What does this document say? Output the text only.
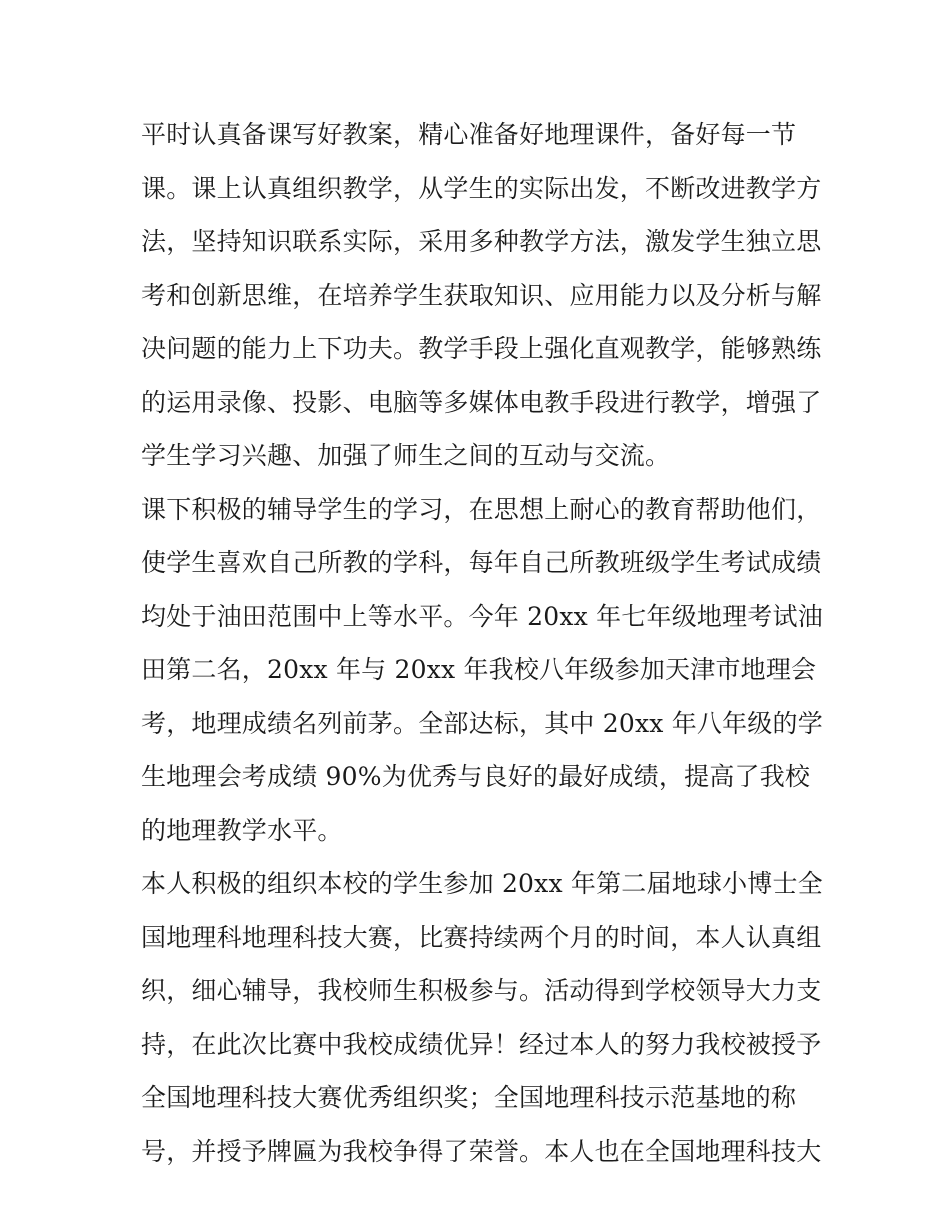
平时认真备课写好教案，精心准备好地理课件，备好每一节
课。课上认真组织教学，从学生的实际出发，不断改进教学方
法，坚持知识联系实际，采用多种教学方法，激发学生独立思
考和创新思维，在培养学生获取知识、应用能力以及分析与解
决问题的能力上下功夫。教学手段上强化直观教学，能够熟练
的运用录像、投影、电脑等多媒体电教手段进行教学，增强了
学生学习兴趣、加强了师生之间的互动与交流。
课下积极的辅导学生的学习，在思想上耐心的教育帮助他们，
使学生喜欢自己所教的学科，每年自己所教班级学生考试成绩
均处于油田范围中上等水平。今年 20xx 年七年级地理考试油
田第二名，20xx 年与 20xx 年我校八年级参加天津市地理会
考，地理成绩名列前茅。全部达标，其中 20xx 年八年级的学
生地理会考成绩 90%为优秀与良好的最好成绩，提高了我校
的地理教学水平。
本人积极的组织本校的学生参加 20xx 年第二届地球小博士全
国地理科地理科技大赛，比赛持续两个月的时间，本人认真组
织，细心辅导，我校师生积极参与。活动得到学校领导大力支
持，在此次比赛中我校成绩优异！经过本人的努力我校被授予
全国地理科技大赛优秀组织奖；全国地理科技示范基地的称
号，并授予牌匾为我校争得了荣誉。本人也在全国地理科技大
